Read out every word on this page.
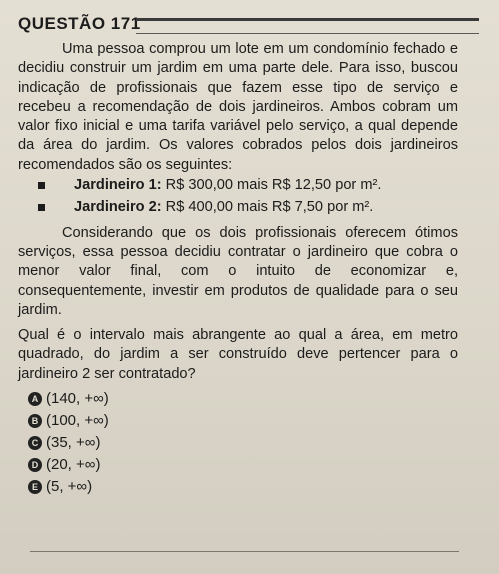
QUESTÃO 171

Uma pessoa comprou um lote em um condomínio fechado e decidiu construir um jardim em uma parte dele. Para isso, buscou indicação de profissionais que fazem esse tipo de serviço e recebeu a recomendação de dois jardineiros. Ambos cobram um valor fixo inicial e uma tarifa variável pelo serviço, a qual depende da área do jardim. Os valores cobrados pelos dois jardineiros recomendados são os seguintes:

Jardineiro 1: R$ 300,00 mais R$ 12,50 por m².
Jardineiro 2: R$ 400,00 mais R$ 7,50 por m².

Considerando que os dois profissionais oferecem ótimos serviços, essa pessoa decidiu contratar o jardineiro que cobra o menor valor final, com o intuito de economizar e, consequentemente, investir em produtos de qualidade para o seu jardim.

Qual é o intervalo mais abrangente ao qual a área, em metro quadrado, do jardim a ser construído deve pertencer para o jardineiro 2 ser contratado?

A (140, +∞)
B (100, +∞)
C (35, +∞)
D (20, +∞)
E (5, +∞)
